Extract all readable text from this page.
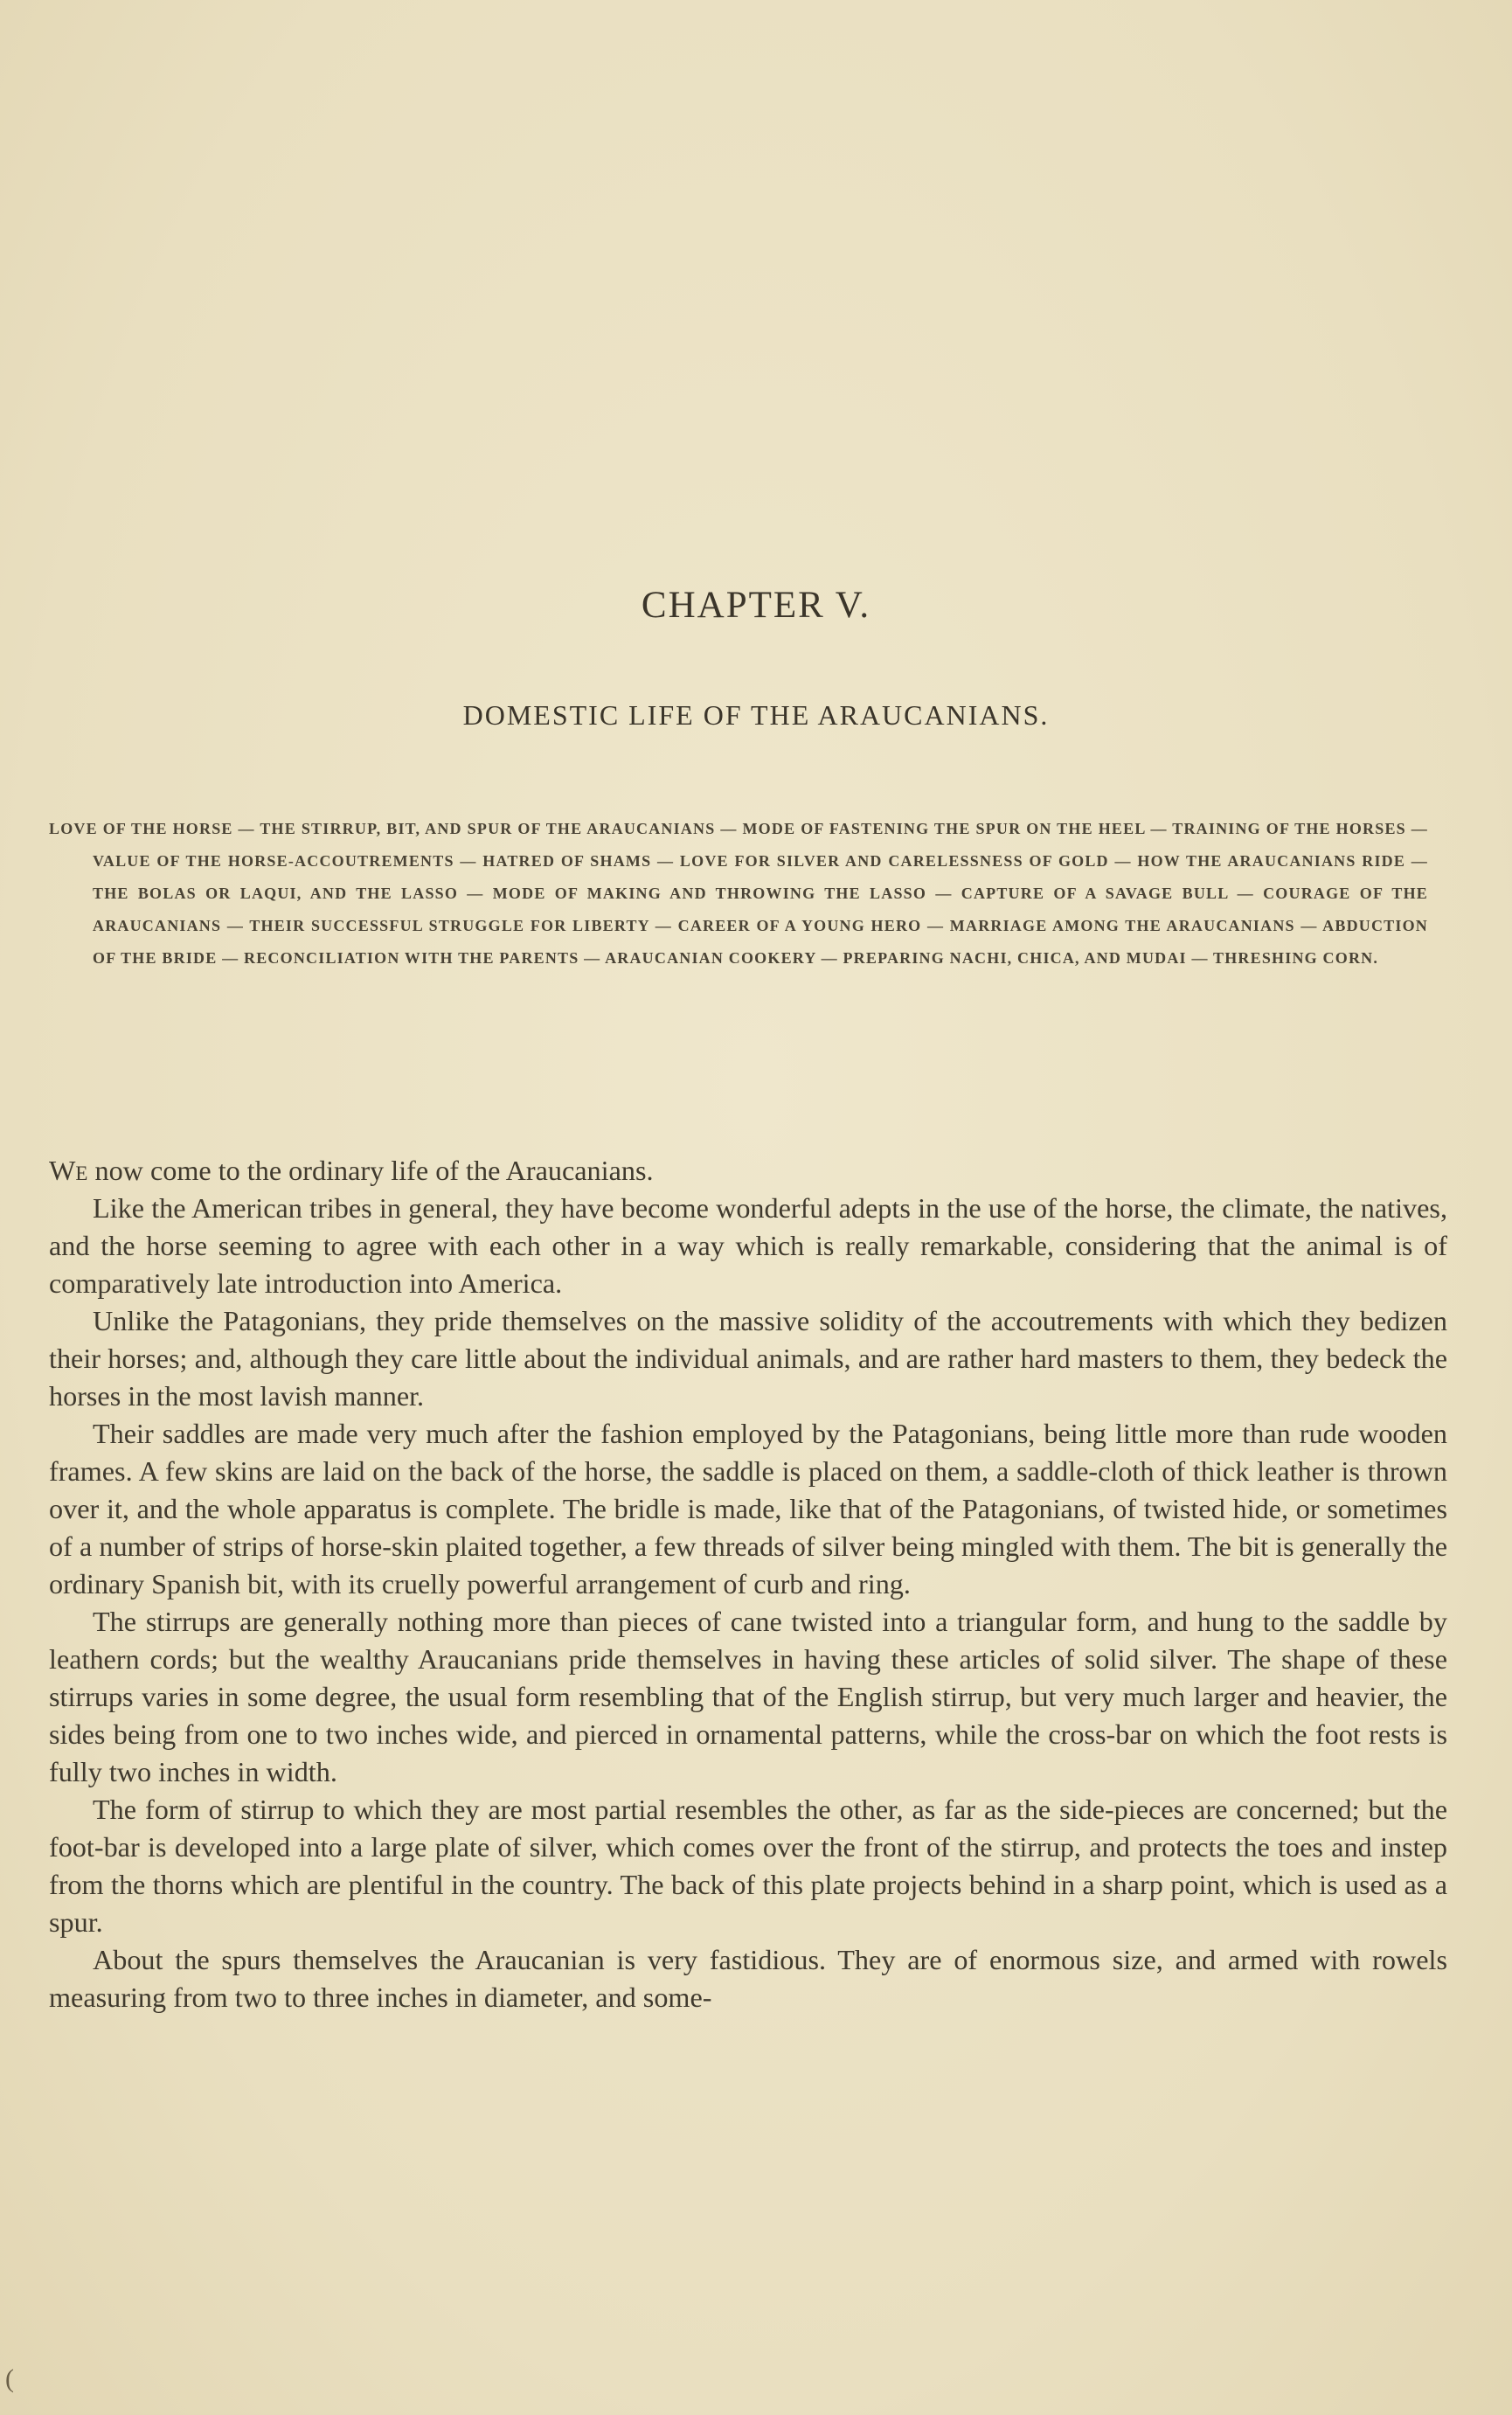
CHAPTER V.
DOMESTIC LIFE OF THE ARAUCANIANS.

LOVE OF THE HORSE — THE STIRRUP, BIT, AND SPUR OF THE ARAUCANIANS — MODE OF FASTENING THE SPUR ON THE HEEL — TRAINING OF THE HORSES — VALUE OF THE HORSE-ACCOUTREMENTS — HATRED OF SHAMS — LOVE FOR SILVER AND CARELESSNESS OF GOLD — HOW THE ARAUCANIANS RIDE — THE BOLAS OR LAQUI, AND THE LASSO — MODE OF MAKING AND THROWING THE LASSO — CAPTURE OF A SAVAGE BULL — COURAGE OF THE ARAUCANIANS — THEIR SUCCESSFUL STRUGGLE FOR LIBERTY — CAREER OF A YOUNG HERO — MARRIAGE AMONG THE ARAUCANIANS — ABDUCTION OF THE BRIDE — RECONCILIATION WITH THE PARENTS — ARAUCANIAN COOKERY — PREPARING NACHI, CHICA, AND MUDAI — THRESHING CORN.

We now come to the ordinary life of the Araucanians.

Like the American tribes in general, they have become wonderful adepts in the use of the horse, the climate, the natives, and the horse seeming to agree with each other in a way which is really remarkable, considering that the animal is of comparatively late introduction into America.

Unlike the Patagonians, they pride themselves on the massive solidity of the accoutrements with which they bedizen their horses; and, although they care little about the individual animals, and are rather hard masters to them, they bedeck the horses in the most lavish manner.

Their saddles are made very much after the fashion employed by the Patagonians, being little more than rude wooden frames. A few skins are laid on the back of the horse, the saddle is placed on them, a saddle-cloth of thick leather is thrown over it, and the whole apparatus is complete. The bridle is made, like that of the Patagonians, of twisted hide, or sometimes of a number of strips of horse-skin plaited together, a few threads of silver being mingled with them. The bit is generally the ordinary Spanish bit, with its cruelly powerful arrangement of curb and ring.

The stirrups are generally nothing more than pieces of cane twisted into a triangular form, and hung to the saddle by leathern cords; but the wealthy Araucanians pride themselves in having these articles of solid silver. The shape of these stirrups varies in some degree, the usual form resembling that of the English stirrup, but very much larger and heavier, the sides being from one to two inches wide, and pierced in ornamental patterns, while the cross-bar on which the foot rests is fully two inches in width.

The form of stirrup to which they are most partial resembles the other, as far as the side-pieces are concerned; but the foot-bar is developed into a large plate of silver, which comes over the front of the stirrup, and protects the toes and instep from the thorns which are plentiful in the country. The back of this plate projects behind in a sharp point, which is used as a spur.

About the spurs themselves the Araucanian is very fastidious. They are of enormous size, and armed with rowels measuring from two to three inches in diameter, and some-

(
